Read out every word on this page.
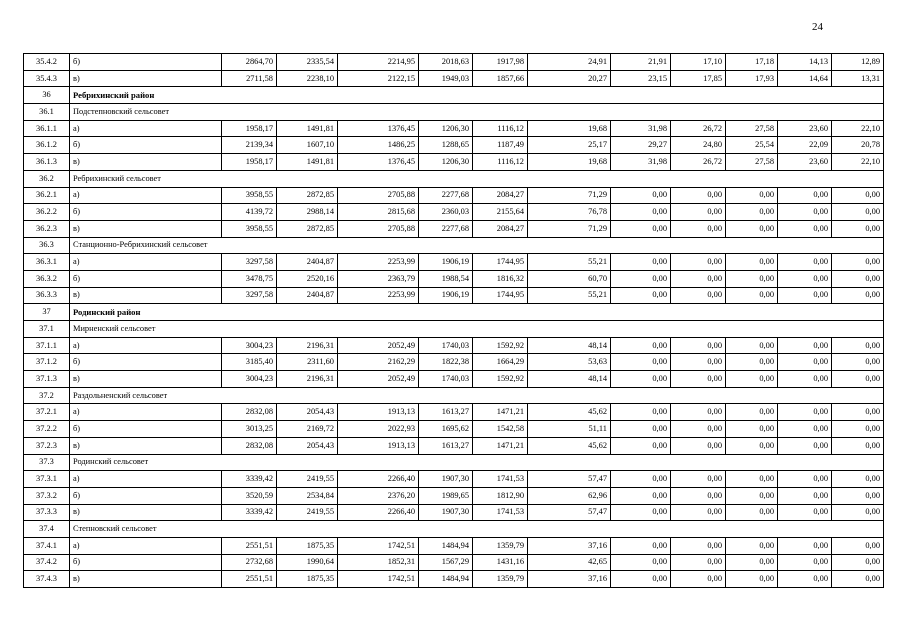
24
35.4.2	б)	2864,70	2335,54	2214,95	2018,63	1917,98	24,91	21,91	17,10	17,18	14,13	12,89
35.4.3	в)	2711,58	2238,10	2122,15	1949,03	1857,66	20,27	23,15	17,85	17,93	14,64	13,31
36	Ребрихинский район											
36.1	Подстепновский сельсовет											
36.1.1	а)	1958,17	1491,81	1376,45	1206,30	1116,12	19,68	31,98	26,72	27,58	23,60	22,10
36.1.2	б)	2139,34	1607,10	1486,25	1288,65	1187,49	25,17	29,27	24,80	25,54	22,09	20,78
36.1.3	в)	1958,17	1491,81	1376,45	1206,30	1116,12	19,68	31,98	26,72	27,58	23,60	22,10
36.2	Ребрихинский сельсовет											
36.2.1	а)	3958,55	2872,85	2705,88	2277,68	2084,27	71,29	0,00	0,00	0,00	0,00	0,00
36.2.2	б)	4139,72	2988,14	2815,68	2360,03	2155,64	76,78	0,00	0,00	0,00	0,00	0,00
36.2.3	в)	3958,55	2872,85	2705,88	2277,68	2084,27	71,29	0,00	0,00	0,00	0,00	0,00
36.3	Станционно-Ребрихинский сельсовет											
36.3.1	а)	3297,58	2404,87	2253,99	1906,19	1744,95	55,21	0,00	0,00	0,00	0,00	0,00
36.3.2	б)	3478,75	2520,16	2363,79	1988,54	1816,32	60,70	0,00	0,00	0,00	0,00	0,00
36.3.3	в)	3297,58	2404,87	2253,99	1906,19	1744,95	55,21	0,00	0,00	0,00	0,00	0,00
37	Родинский район											
37.1	Мирненский сельсовет											
37.1.1	а)	3004,23	2196,31	2052,49	1740,03	1592,92	48,14	0,00	0,00	0,00	0,00	0,00
37.1.2	б)	3185,40	2311,60	2162,29	1822,38	1664,29	53,63	0,00	0,00	0,00	0,00	0,00
37.1.3	в)	3004,23	2196,31	2052,49	1740,03	1592,92	48,14	0,00	0,00	0,00	0,00	0,00
37.2	Раздольненский сельсовет											
37.2.1	а)	2832,08	2054,43	1913,13	1613,27	1471,21	45,62	0,00	0,00	0,00	0,00	0,00
37.2.2	б)	3013,25	2169,72	2022,93	1695,62	1542,58	51,11	0,00	0,00	0,00	0,00	0,00
37.2.3	в)	2832,08	2054,43	1913,13	1613,27	1471,21	45,62	0,00	0,00	0,00	0,00	0,00
37.3	Родинский сельсовет											
37.3.1	а)	3339,42	2419,55	2266,40	1907,30	1741,53	57,47	0,00	0,00	0,00	0,00	0,00
37.3.2	б)	3520,59	2534,84	2376,20	1989,65	1812,90	62,96	0,00	0,00	0,00	0,00	0,00
37.3.3	в)	3339,42	2419,55	2266,40	1907,30	1741,53	57,47	0,00	0,00	0,00	0,00	0,00
37.4	Степновский сельсовет											
37.4.1	а)	2551,51	1875,35	1742,51	1484,94	1359,79	37,16	0,00	0,00	0,00	0,00	0,00
37.4.2	б)	2732,68	1990,64	1852,31	1567,29	1431,16	42,65	0,00	0,00	0,00	0,00	0,00
37.4.3	в)	2551,51	1875,35	1742,51	1484,94	1359,79	37,16	0,00	0,00	0,00	0,00	0,00
